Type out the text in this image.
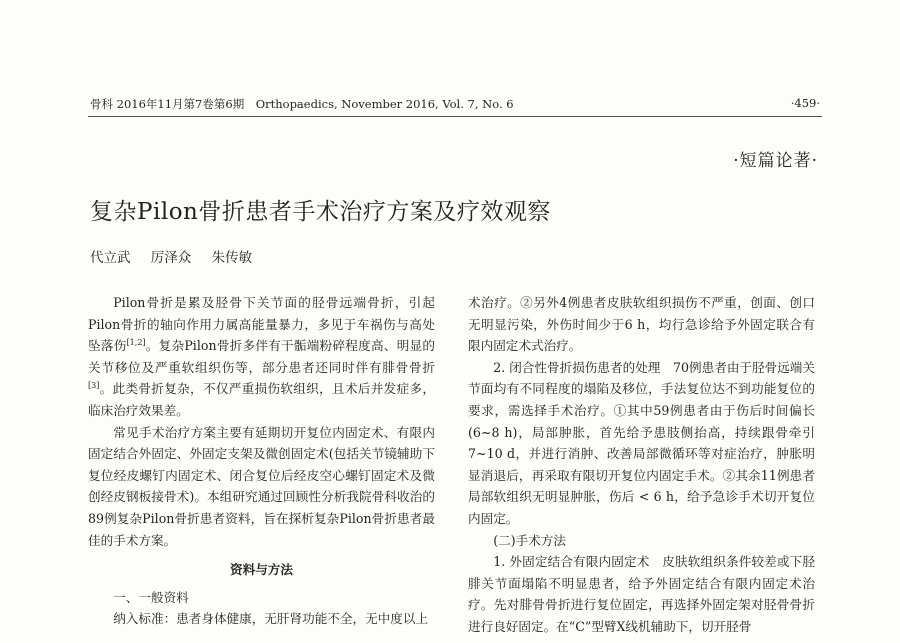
骨科 2016年11月第7卷第6期　Orthopaedics, November 2016, Vol. 7, No. 6	·459·
·短篇论著·
复杂Pilon骨折患者手术治疗方案及疗效观察
代立武 厉泽众 朱传敏

Pilon骨折是累及胫骨下关节面的胫骨远端骨折，引起Pilon骨折的轴向作用力属高能量暴力，多见于车祸伤与高处坠落伤[1,2]。复杂Pilon骨折多伴有干骺端粉碎程度高、明显的关节移位及严重软组织伤等，部分患者还同时伴有腓骨骨折[3]。此类骨折复杂，不仅严重损伤软组织，且术后并发症多，临床治疗效果差。

常见手术治疗方案主要有延期切开复位内固定术、有限内固定结合外固定、外固定支架及微创固定术(包括关节镜辅助下复位经皮螺钉内固定术、闭合复位后经皮空心螺钉固定术及微创经皮钢板接骨术)。本组研究通过回顾性分析我院骨科收治的89例复杂Pilon骨折患者资料，旨在探析复杂Pilon骨折患者最佳的手术方案。

资料与方法

一、一般资料

纳入标准：患者身体健康，无肝肾功能不全，无中度以上

术治疗。②另外4例患者皮肤软组织损伤不严重，创面、创口无明显污染，外伤时间少于6 h，均行急诊给予外固定联合有限内固定术式治疗。

2. 闭合性骨折损伤患者的处理　70例患者由于胫骨远端关节面均有不同程度的塌陷及移位，手法复位达不到功能复位的要求，需选择手术治疗。①其中59例患者由于伤后时间偏长(6~8 h)，局部肿胀，首先给予患肢侧抬高，持续跟骨牵引7~10 d，并进行消肿、改善局部微循环等对症治疗，肿胀明显消退后，再采取有限切开复位内固定手术。②其余11例患者局部软组织无明显肿胀，伤后 < 6 h，给予急诊手术切开复位内固定。

(二)手术方法

1. 外固定结合有限内固定术　皮肤软组织条件较差或下胫腓关节面塌陷不明显患者，给予外固定结合有限内固定术治疗。先对腓骨骨折进行复位固定，再选择外固定架对胫骨骨折进行良好固定。在“C”型臂X线机辅助下，切开胫骨
